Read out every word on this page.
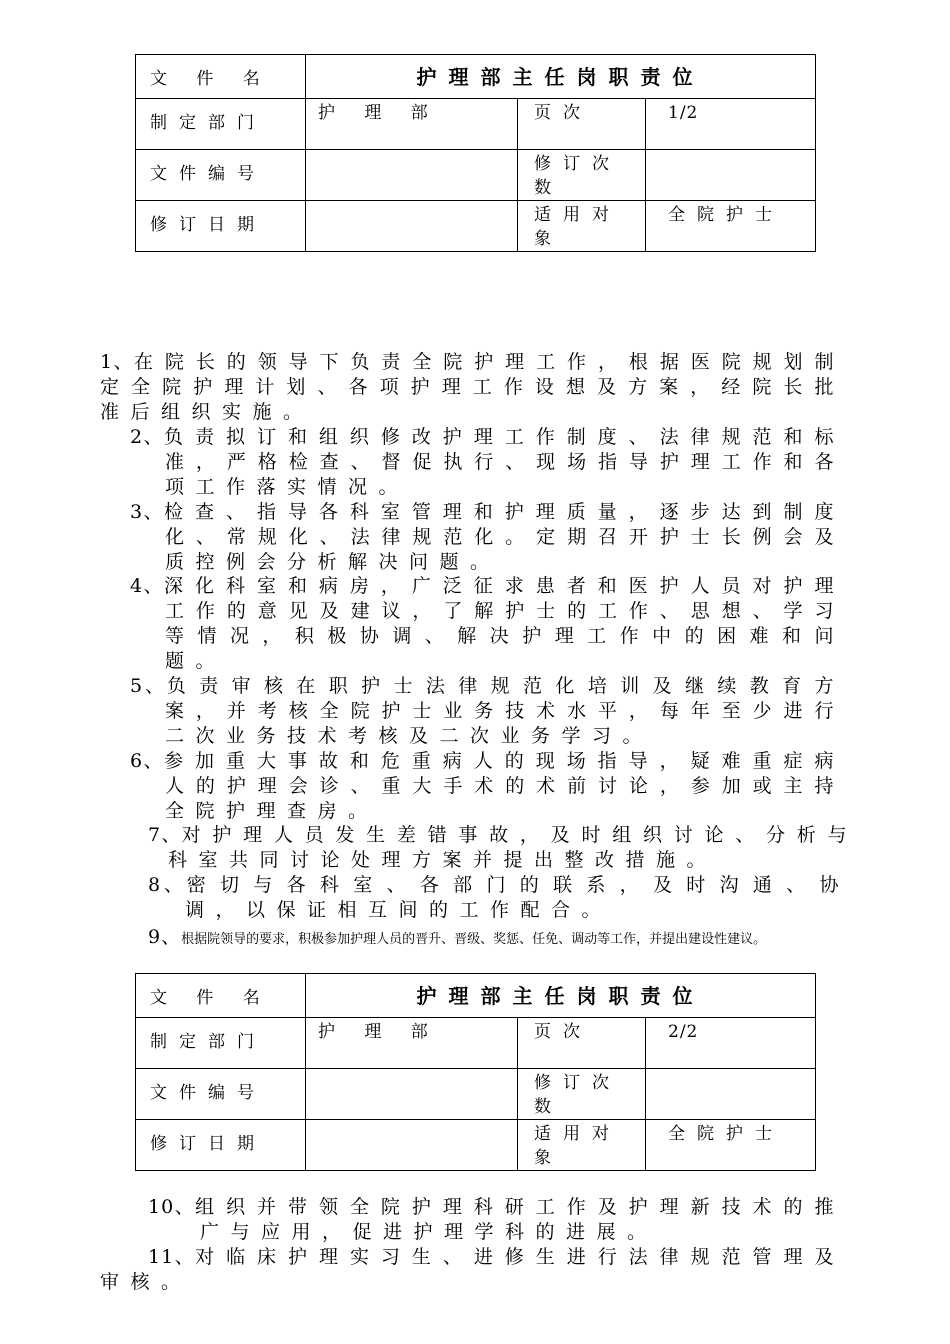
文 件 名	护理部主任岗职责位		
制定部门	护 理 部	页次	1/2
文件编号		修订次数	
修订日期		适用对象	全院护士

1、在院长的领导下负责全院护理工作，根据医院规划制定全院护理计划、各项护理工作设想及方案，经院长批准后组织实施。

2、负责拟订和组织修改护理工作制度、法律规范和标准，严格检查、督促执行、现场指导护理工作和各项工作落实情况。

3、检查、指导各科室管理和护理质量，逐步达到制度化、常规化、法律规范化。定期召开护士长例会及质控例会分析解决问题。

4、深化科室和病房，广泛征求患者和医护人员对护理工作的意见及建议，了解护士的工作、思想、学习等情况，积极协调、解决护理工作中的困难和问题。

5、负责审核在职护士法律规范化培训及继续教育方案，并考核全院护士业务技术水平，每年至少进行二次业务技术考核及二次业务学习。

6、参加重大事故和危重病人的现场指导，疑难重症病人的护理会诊、重大手术的术前讨论，参加或主持全院护理查房。

7、对护理人员发生差错事故，及时组织讨论、分析与科室共同讨论处理方案并提出整改措施。

8、密切与各科室、各部门的联系，及时沟通、协调，以保证相互间的工作配合。

9、根据院领导的要求，积极参加护理人员的晋升、晋级、奖惩、任免、调动等工作，并提出建设性建议。

文 件 名	护理部主任岗职责位		
制定部门	护 理 部	页次	2/2
文件编号		修订次数	
修订日期		适用对象	全院护士

10、组织并带领全院护理科研工作及护理新技术的推广与应用，促进护理学科的进展。

11、对临床护理实习生、进修生进行法律规范管理及审核。
